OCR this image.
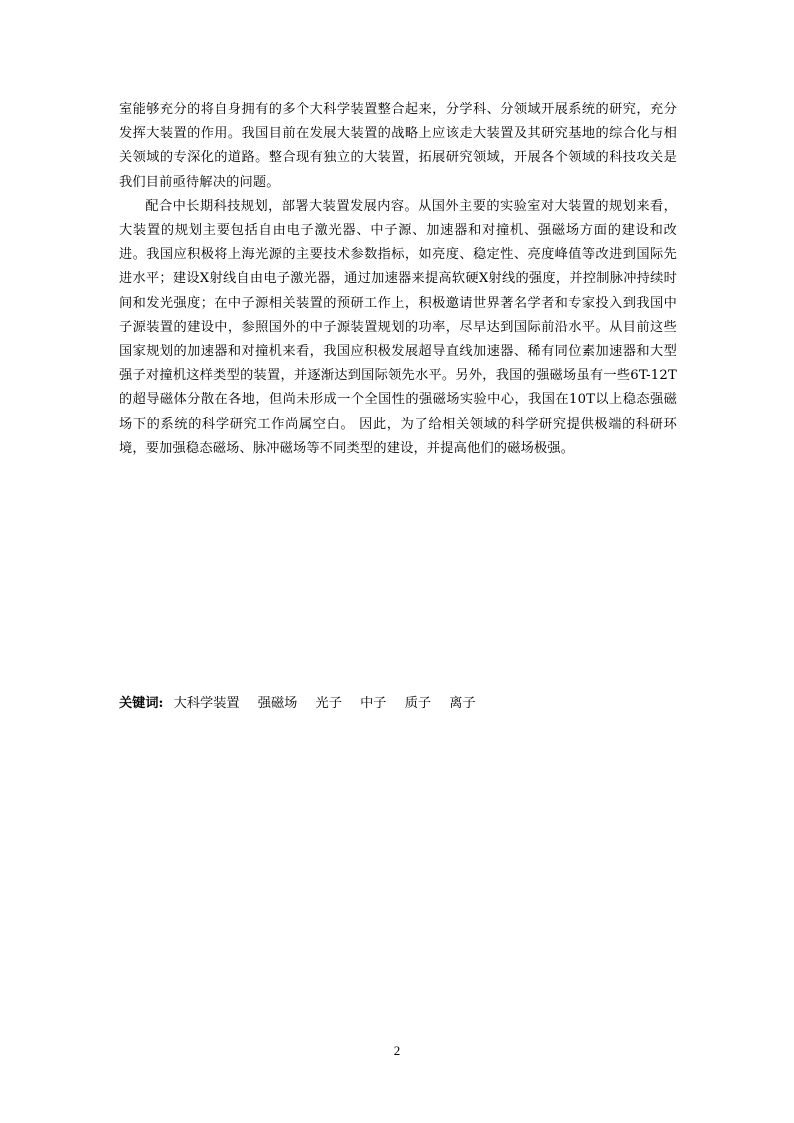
室能够充分的将自身拥有的多个大科学装置整合起来，分学科、分领域开展系统的研究，充分发挥大装置的作用。我国目前在发展大装置的战略上应该走大装置及其研究基地的综合化与相关领域的专深化的道路。整合现有独立的大装置，拓展研究领域，开展各个领域的科技攻关是我们目前亟待解决的问题。

配合中长期科技规划，部署大装置发展内容。从国外主要的实验室对大装置的规划来看，大装置的规划主要包括自由电子激光器、中子源、加速器和对撞机、强磁场方面的建设和改进。我国应积极将上海光源的主要技术参数指标，如亮度、稳定性、亮度峰值等改进到国际先进水平；建设X射线自由电子激光器，通过加速器来提高软硬X射线的强度，并控制脉冲持续时间和发光强度；在中子源相关装置的预研工作上，积极邀请世界著名学者和专家投入到我国中子源装置的建设中，参照国外的中子源装置规划的功率，尽早达到国际前沿水平。从目前这些国家规划的加速器和对撞机来看，我国应积极发展超导直线加速器、稀有同位素加速器和大型强子对撞机这样类型的装置，并逐渐达到国际领先水平。另外，我国的强磁场虽有一些6T-12T的超导磁体分散在各地，但尚未形成一个全国性的强磁场实验中心，我国在10T以上稳态强磁场下的系统的科学研究工作尚属空白。 因此，为了给相关领域的科学研究提供极端的科研环境，要加强稳态磁场、脉冲磁场等不同类型的建设，并提高他们的磁场极强。

关键词: 大科学装置 强磁场 光子 中子 质子 离子
2
